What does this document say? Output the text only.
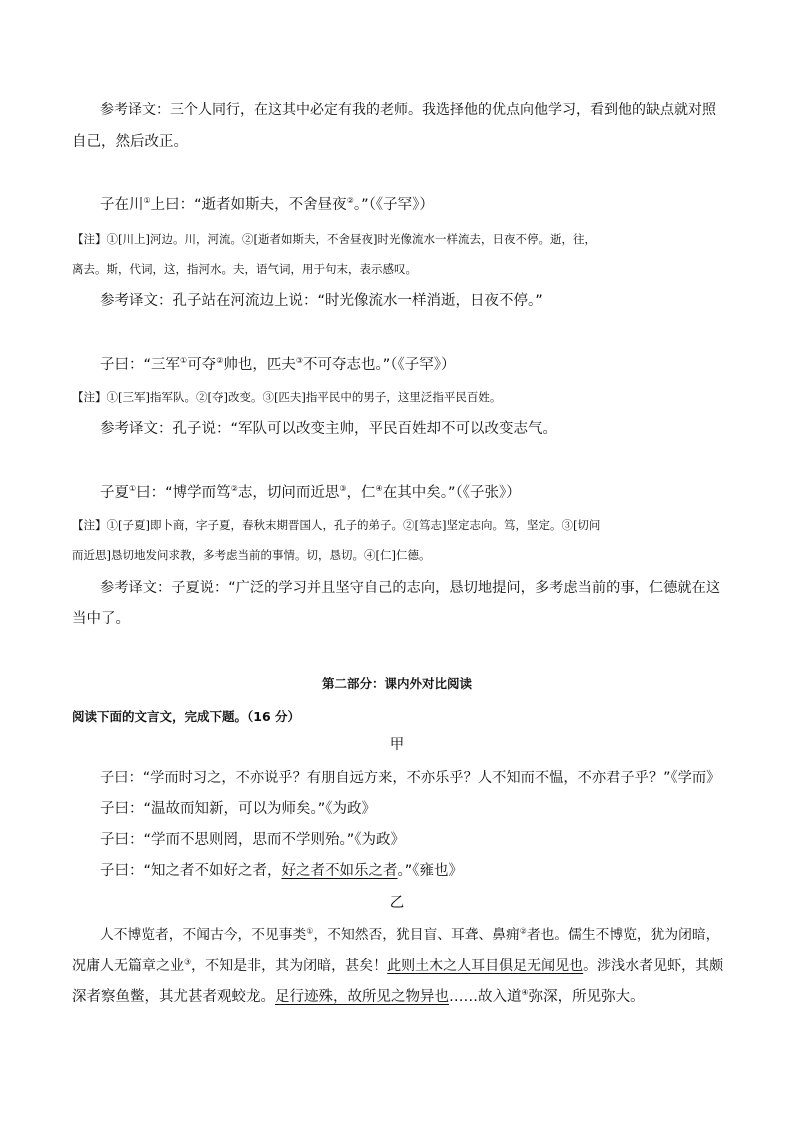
参考译文：三个人同行，在这其中必定有我的老师。我选择他的优点向他学习，看到他的缺点就对照
自己，然后改正。
子在川①上曰：“逝者如斯夫，不舍昼夜②。”（《子罕》）
【注】①[川上]河边。川，河流。②[逝者如斯夫，不舍昼夜]时光像流水一样流去，日夜不停。逝，往，
离去。斯，代词，这，指河水。夫，语气词，用于句末，表示感叹。
参考译文：孔子站在河流边上说：“时光像流水一样消逝，日夜不停。”
子曰：“三军①可夺②帅也，匹夫③不可夺志也。”（《子罕》）
【注】①[三军]指军队。②[夺]改变。③[匹夫]指平民中的男子，这里泛指平民百姓。
参考译文：孔子说：“军队可以改变主帅，平民百姓却不可以改变志气。
子夏①曰：“博学而笃②志，切问而近思③，仁④在其中矣。”（《子张》）
【注】①[子夏]即卜商，字子夏，春秋末期晋国人，孔子的弟子。②[笃志]坚定志向。笃，坚定。③[切问
而近思]恳切地发问求教，多考虑当前的事情。切，恳切。④[仁]仁德。
参考译文：子夏说：“广泛的学习并且坚守自己的志向，恳切地提问，多考虑当前的事，仁德就在这
当中了。
第二部分：课内外对比阅读
阅读下面的文言文，完成下题。（16 分）
甲
子曰：“学而时习之，不亦说乎？有朋自远方来，不亦乐乎？人不知而不愠，不亦君子乎？”《学而》
子曰：“温故而知新，可以为师矣。”《为政》
子曰：“学而不思则罔，思而不学则殆。”《为政》
子曰：“知之者不如好之者，好之者不如乐之者。”《雍也》
乙
人不博览者，不闻古今，不见事类①，不知然否，犹目盲、耳聋、鼻痈②者也。儒生不博览，犹为闭暗，
况庸人无篇章之业③，不知是非，其为闭暗，甚矣！此则土木之人耳目俱足无闻见也。涉浅水者见虾，其颇
深者察鱼鳖，其尤甚者观蛟龙。足行迹殊，故所见之物异也……故入道④弥深，所见弥大。
